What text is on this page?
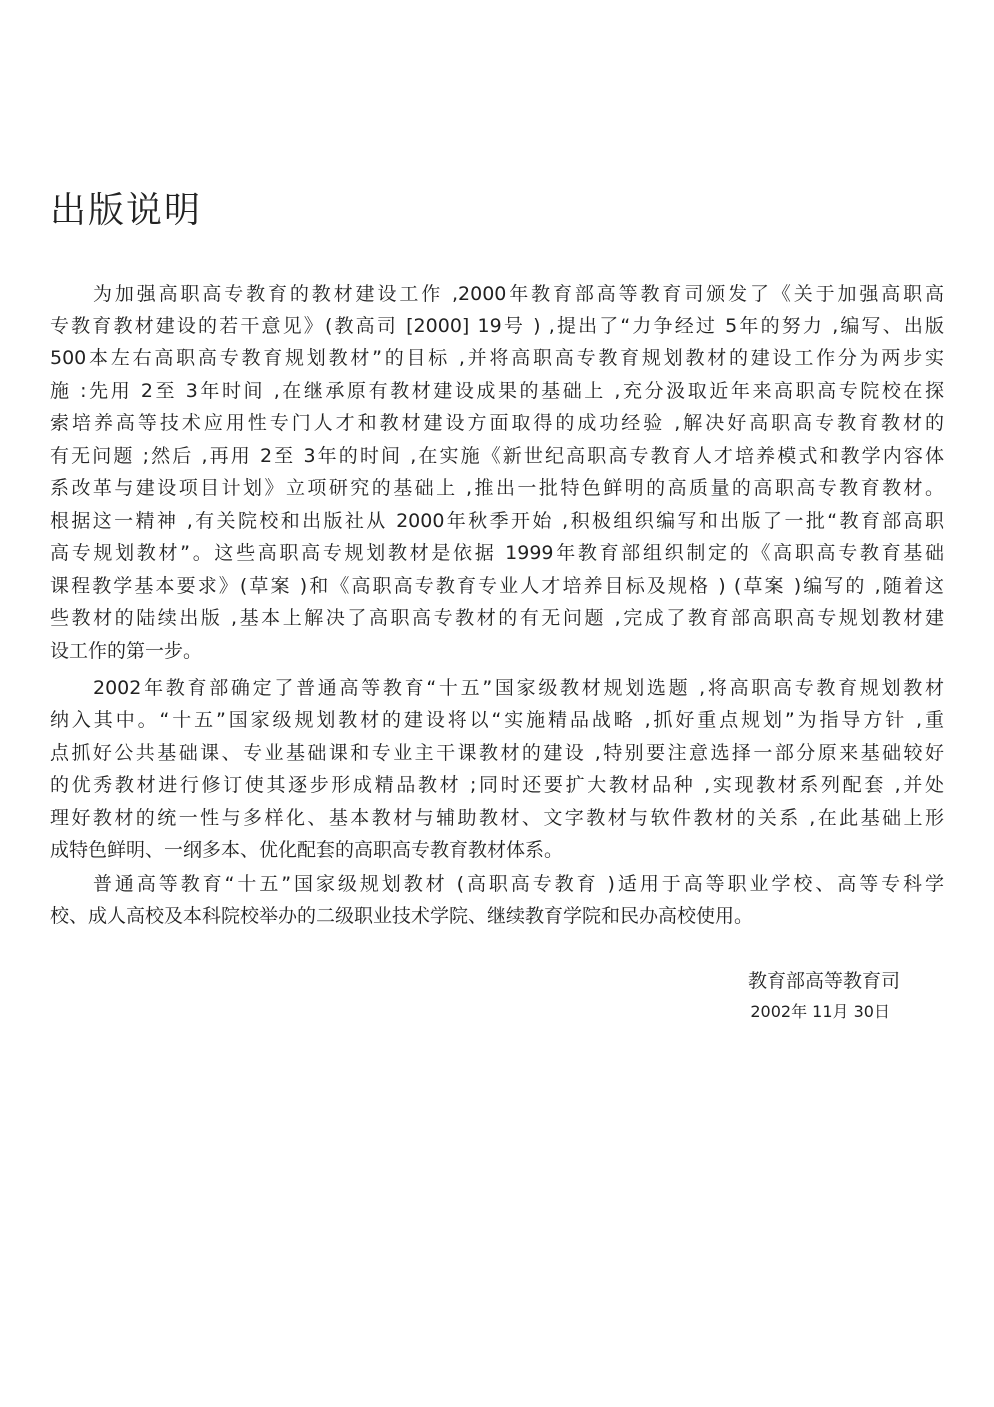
出版说明

为加强高职高专教育的教材建设工作 ,2000年教育部高等教育司颁发了《关于加强高职高

专教育教材建设的若干意见》(教高司 [2000] 19号 ) ,提出了“力争经过 5年的努力 ,编写、出版

500本左右高职高专教育规划教材”的目标 ,并将高职高专教育规划教材的建设工作分为两步实

施 :先用 2至 3年时间 ,在继承原有教材建设成果的基础上 ,充分汲取近年来高职高专院校在探

索培养高等技术应用性专门人才和教材建设方面取得的成功经验 ,解决好高职高专教育教材的

有无问题 ;然后 ,再用 2至 3年的时间 ,在实施《新世纪高职高专教育人才培养模式和教学内容体

系改革与建设项目计划》立项研究的基础上 ,推出一批特色鲜明的高质量的高职高专教育教材。

根据这一精神 ,有关院校和出版社从 2000年秋季开始 ,积极组织编写和出版了一批“教育部高职

高专规划教材”。这些高职高专规划教材是依据 1999年教育部组织制定的《高职高专教育基础

课程教学基本要求》(草案 )和《高职高专教育专业人才培养目标及规格 ) (草案 )编写的 ,随着这

些教材的陆续出版 ,基本上解决了高职高专教材的有无问题 ,完成了教育部高职高专规划教材建

设工作的第一步。

2002年教育部确定了普通高等教育“十五”国家级教材规划选题 ,将高职高专教育规划教材

纳入其中。“十五”国家级规划教材的建设将以“实施精品战略 ,抓好重点规划”为指导方针 ,重

点抓好公共基础课、专业基础课和专业主干课教材的建设 ,特别要注意选择一部分原来基础较好

的优秀教材进行修订使其逐步形成精品教材 ;同时还要扩大教材品种 ,实现教材系列配套 ,并处

理好教材的统一性与多样化、基本教材与辅助教材、文字教材与软件教材的关系 ,在此基础上形

成特色鲜明、一纲多本、优化配套的高职高专教育教材体系。

普通高等教育“十五”国家级规划教材 (高职高专教育 )适用于高等职业学校、高等专科学

校、成人高校及本科院校举办的二级职业技术学院、继续教育学院和民办高校使用。

教育部高等教育司
2002年 11月 30日
